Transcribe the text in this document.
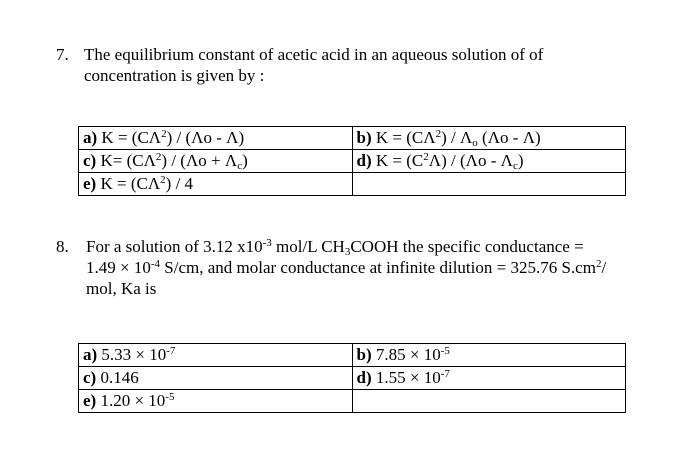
7. The equilibrium constant of acetic acid in an aqueous solution of of
concentration is given by :
a) $K = (C\Lambda^2) / (\Lambda o - \Lambda)$	b) $K = (C\Lambda^2) / \Lambda_o$ (Λo - Λ)
c) $K= (C\Lambda^2) / (\Lambda o + \Lambda_c)$	d) $K = (C^2\Lambda) / (\Lambda o - \Lambda_c)$
e) $K = (C\Lambda^2) / 4$	
8.	For a solution of 3.12 $x10^{-3}$ mol/L $CH_3COOH$ the specific conductance =
$1.49 \times 10^{-4}$ S/cm, and molar conductance at infinite dilution = 325.76 $S.cm^2/$
mol, Ka is
a) $5.33 \times 10^{-7}$	b) $7.85 \times 10^{-5}$
c) 0.146	d) $1.55 \times 10^{-7}$
e) $1.20 \times 10^{-5}$	
